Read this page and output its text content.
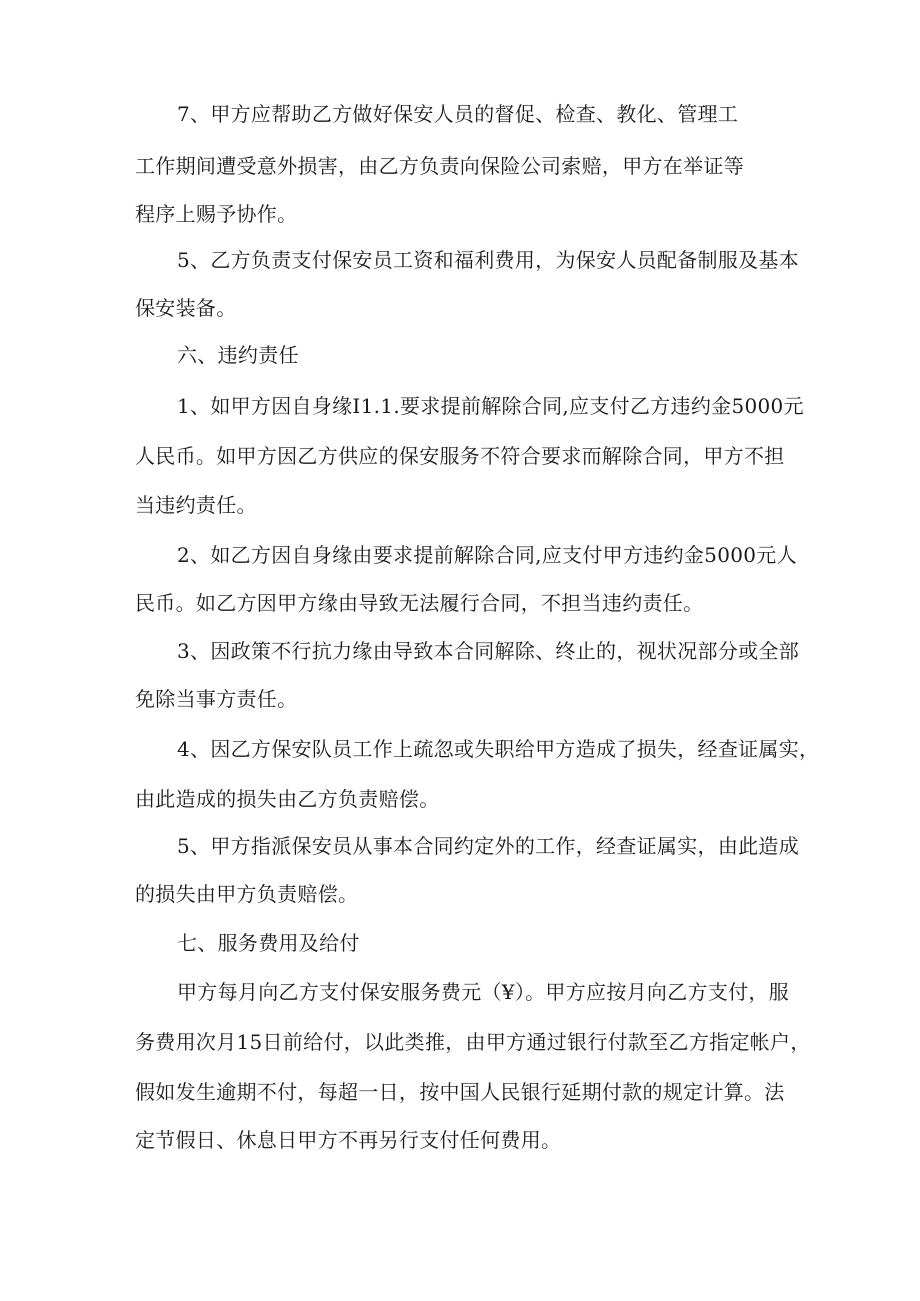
7、甲方应帮助乙方做好保安人员的督促、检查、教化、管理工
工作期间遭受意外损害，由乙方负责向保险公司索赔，甲方在举证等
程序上赐予协作。
5、乙方负责支付保安员工资和福利费用，为保安人员配备制服及基本
保安装备。
六、违约责任
1、如甲方因自身缘I1.1.要求提前解除合同,应支付乙方违约金5000元
人民币。如甲方因乙方供应的保安服务不符合要求而解除合同，甲方不担
当违约责任。
2、如乙方因自身缘由要求提前解除合同,应支付甲方违约金5000元人
民币。如乙方因甲方缘由导致无法履行合同，不担当违约责任。
3、因政策不行抗力缘由导致本合同解除、终止的，视状况部分或全部
免除当事方责任。
4、因乙方保安队员工作上疏忽或失职给甲方造成了损失，经查证属实，
由此造成的损失由乙方负责赔偿。
5、甲方指派保安员从事本合同约定外的工作，经查证属实，由此造成
的损失由甲方负责赔偿。
七、服务费用及给付
甲方每月向乙方支付保安服务费元（¥）。甲方应按月向乙方支付，服
务费用次月15日前给付，以此类推，由甲方通过银行付款至乙方指定帐户，
假如发生逾期不付，每超一日，按中国人民银行延期付款的规定计算。法
定节假日、休息日甲方不再另行支付任何费用。
